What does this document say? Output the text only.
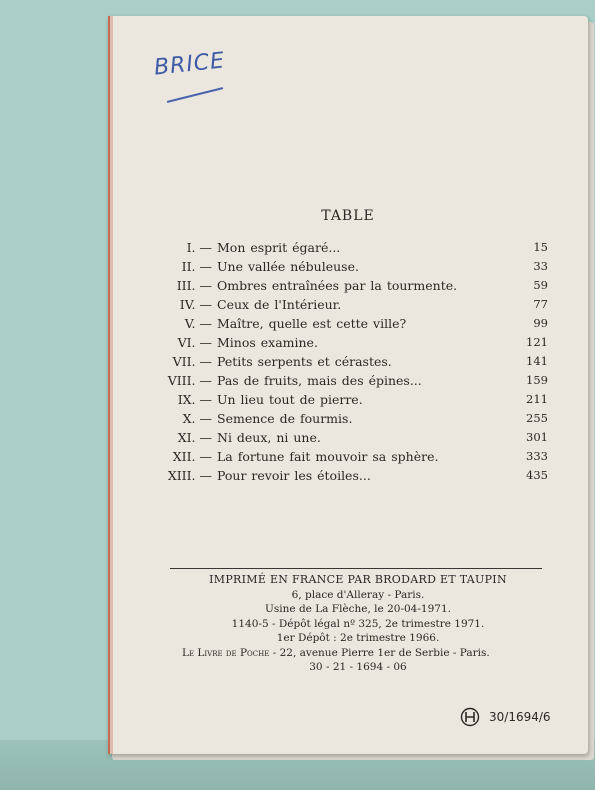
BRICE
TABLE
I. — Mon esprit égaré...	15
II. — Une vallée nébuleuse.	33
III. — Ombres entraînées par la tourmente.	59
IV. — Ceux de l'Intérieur.	77
V. — Maître, quelle est cette ville?	99
VI. — Minos examine.	121
VII. — Petits serpents et cérastes.	141
VIII. — Pas de fruits, mais des épines...	159
IX. — Un lieu tout de pierre.	211
X. — Semence de fourmis.	255
XI. — Ni deux, ni une.	301
XII. — La fortune fait mouvoir sa sphère.	333
XIII. — Pour revoir les étoiles...	435
IMPRIMÉ EN FRANCE PAR BRODARD ET TAUPIN
6, place d'Alleray - Paris.
Usine de La Flèche, le 20-04-1971.
1140-5 - Dépôt légal nº 325, 2e trimestre 1971.
1er Dépôt : 2e trimestre 1966.
Le Livre de Poche - 22, avenue Pierre 1er de Serbie - Paris.
30 - 21 - 1694 - 06
30/1694/6
